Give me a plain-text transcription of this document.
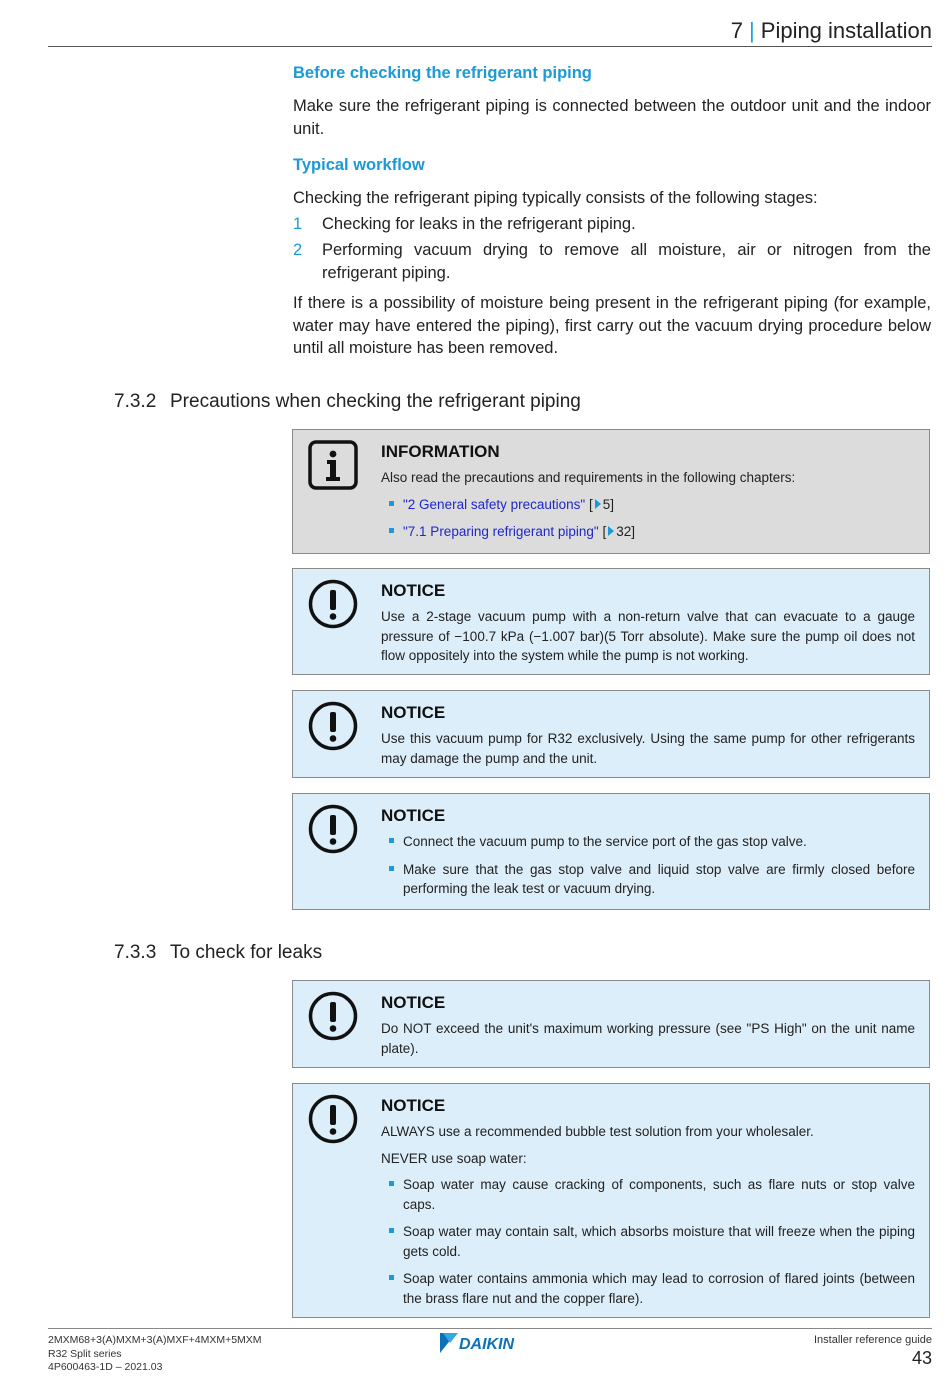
7 | Piping installation
Before checking the refrigerant piping
Make sure the refrigerant piping is connected between the outdoor unit and the indoor unit.
Typical workflow
Checking the refrigerant piping typically consists of the following stages:
1 Checking for leaks in the refrigerant piping.
2 Performing vacuum drying to remove all moisture, air or nitrogen from the refrigerant piping.
If there is a possibility of moisture being present in the refrigerant piping (for example, water may have entered the piping), first carry out the vacuum drying procedure below until all moisture has been removed.
7.3.2 Precautions when checking the refrigerant piping
INFORMATION

Also read the precautions and requirements in the following chapters:

"2 General safety precautions" [ 5]
"7.1 Preparing refrigerant piping" [ 32]
NOTICE

Use a 2-stage vacuum pump with a non-return valve that can evacuate to a gauge pressure of −100.7 kPa (−1.007 bar)(5 Torr absolute). Make sure the pump oil does not flow oppositely into the system while the pump is not working.

NOTICE

Use this vacuum pump for R32 exclusively. Using the same pump for other refrigerants may damage the pump and the unit.

NOTICE
Connect the vacuum pump to the service port of the gas stop valve.
Make sure that the gas stop valve and liquid stop valve are firmly closed before performing the leak test or vacuum drying.
7.3.3 To check for leaks
NOTICE

Do NOT exceed the unit's maximum working pressure (see "PS High" on the unit name plate).

NOTICE

ALWAYS use a recommended bubble test solution from your wholesaler.

NEVER use soap water:

Soap water may cause cracking of components, such as flare nuts or stop valve caps.
Soap water may contain salt, which absorbs moisture that will freeze when the piping gets cold.
Soap water contains ammonia which may lead to corrosion of flared joints (between the brass flare nut and the copper flare).
2MXM68+3(A)MXM+3(A)MXF+4MXM+5MXM
R32 Split series
4P600463-1D – 2021.03
DAIKIN	Installer reference guide
43
